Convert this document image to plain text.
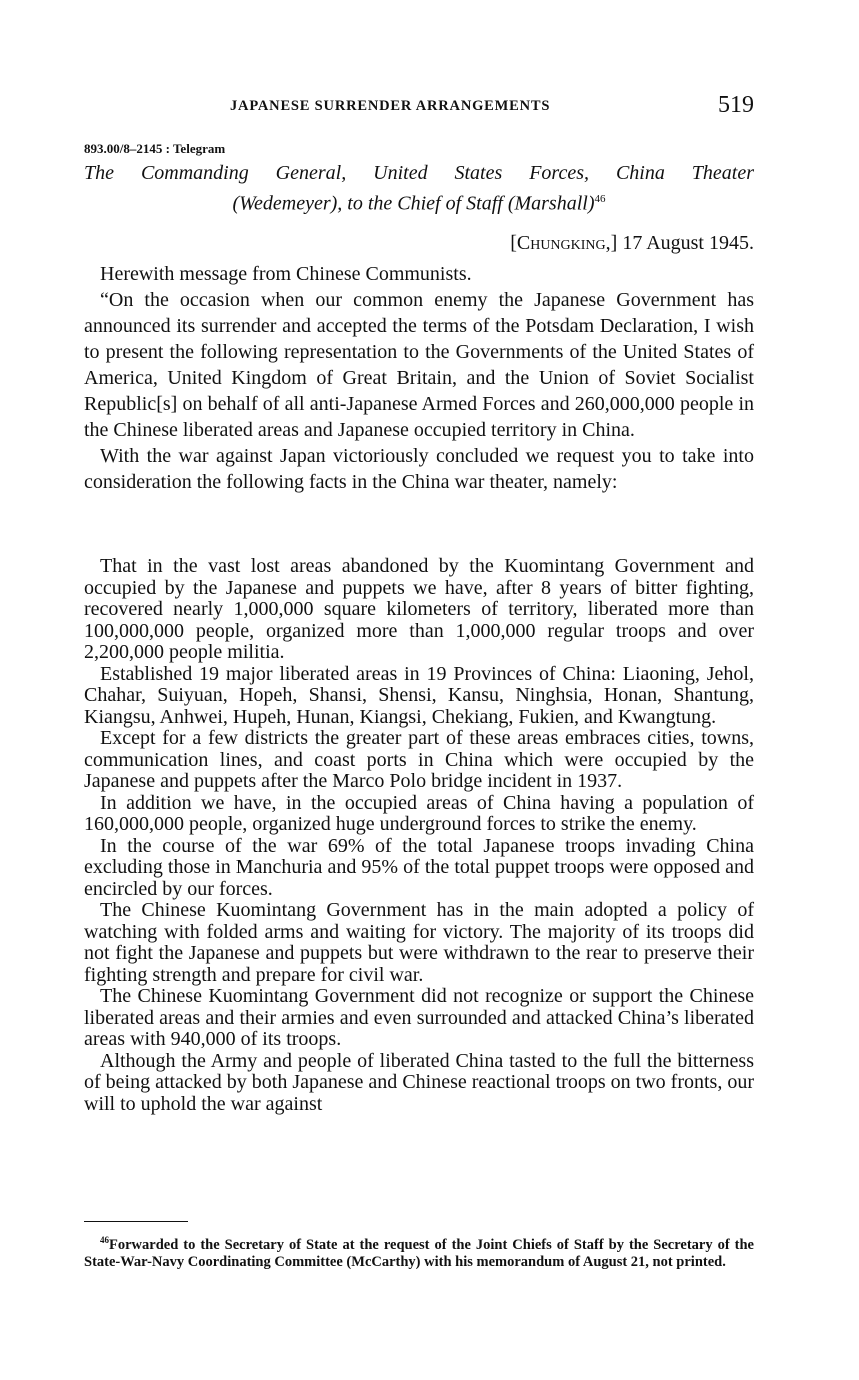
JAPANESE SURRENDER ARRANGEMENTS	519
893.00/8–2145 : Telegram
The Commanding General, United States Forces, China Theater
(Wedemeyer), to the Chief of Staff (Marshall)$^{46}$
[Chungking,] 17 August 1945.

Herewith message from Chinese Communists.

“On the occasion when our common enemy the Japanese Government has announced its surrender and accepted the terms of the Potsdam Declaration, I wish to present the following representation to the Governments of the United States of America, United Kingdom of Great Britain, and the Union of Soviet Socialist Republic[s] on behalf of all anti-Japanese Armed Forces and 260,000,000 people in the Chinese liberated areas and Japanese occupied territory in China.

With the war against Japan victoriously concluded we request you to take into consideration the following facts in the China war theater, namely:

That in the vast lost areas abandoned by the Kuomintang Government and occupied by the Japanese and puppets we have, after 8 years of bitter fighting, recovered nearly 1,000,000 square kilometers of territory, liberated more than 100,000,000 people, organized more than 1,000,000 regular troops and over 2,200,000 people militia.

Established 19 major liberated areas in 19 Provinces of China: Liaoning, Jehol, Chahar, Suiyuan, Hopeh, Shansi, Shensi, Kansu, Ninghsia, Honan, Shantung, Kiangsu, Anhwei, Hupeh, Hunan, Kiangsi, Chekiang, Fukien, and Kwangtung.

Except for a few districts the greater part of these areas embraces cities, towns, communication lines, and coast ports in China which were occupied by the Japanese and puppets after the Marco Polo bridge incident in 1937.

In addition we have, in the occupied areas of China having a population of 160,000,000 people, organized huge underground forces to strike the enemy.

In the course of the war 69% of the total Japanese troops invading China excluding those in Manchuria and 95% of the total puppet troops were opposed and encircled by our forces.

The Chinese Kuomintang Government has in the main adopted a policy of watching with folded arms and waiting for victory. The majority of its troops did not fight the Japanese and puppets but were withdrawn to the rear to preserve their fighting strength and prepare for civil war.

The Chinese Kuomintang Government did not recognize or support the Chinese liberated areas and their armies and even surrounded and attacked China’s liberated areas with 940,000 of its troops.

Although the Army and people of liberated China tasted to the full the bitterness of being attacked by both Japanese and Chinese reactional troops on two fronts, our will to uphold the war against

$^{46}$Forwarded to the Secretary of State at the request of the Joint Chiefs of Staff by the Secretary of the State-War-Navy Coordinating Committee (McCarthy) with his memorandum of August 21, not printed.
